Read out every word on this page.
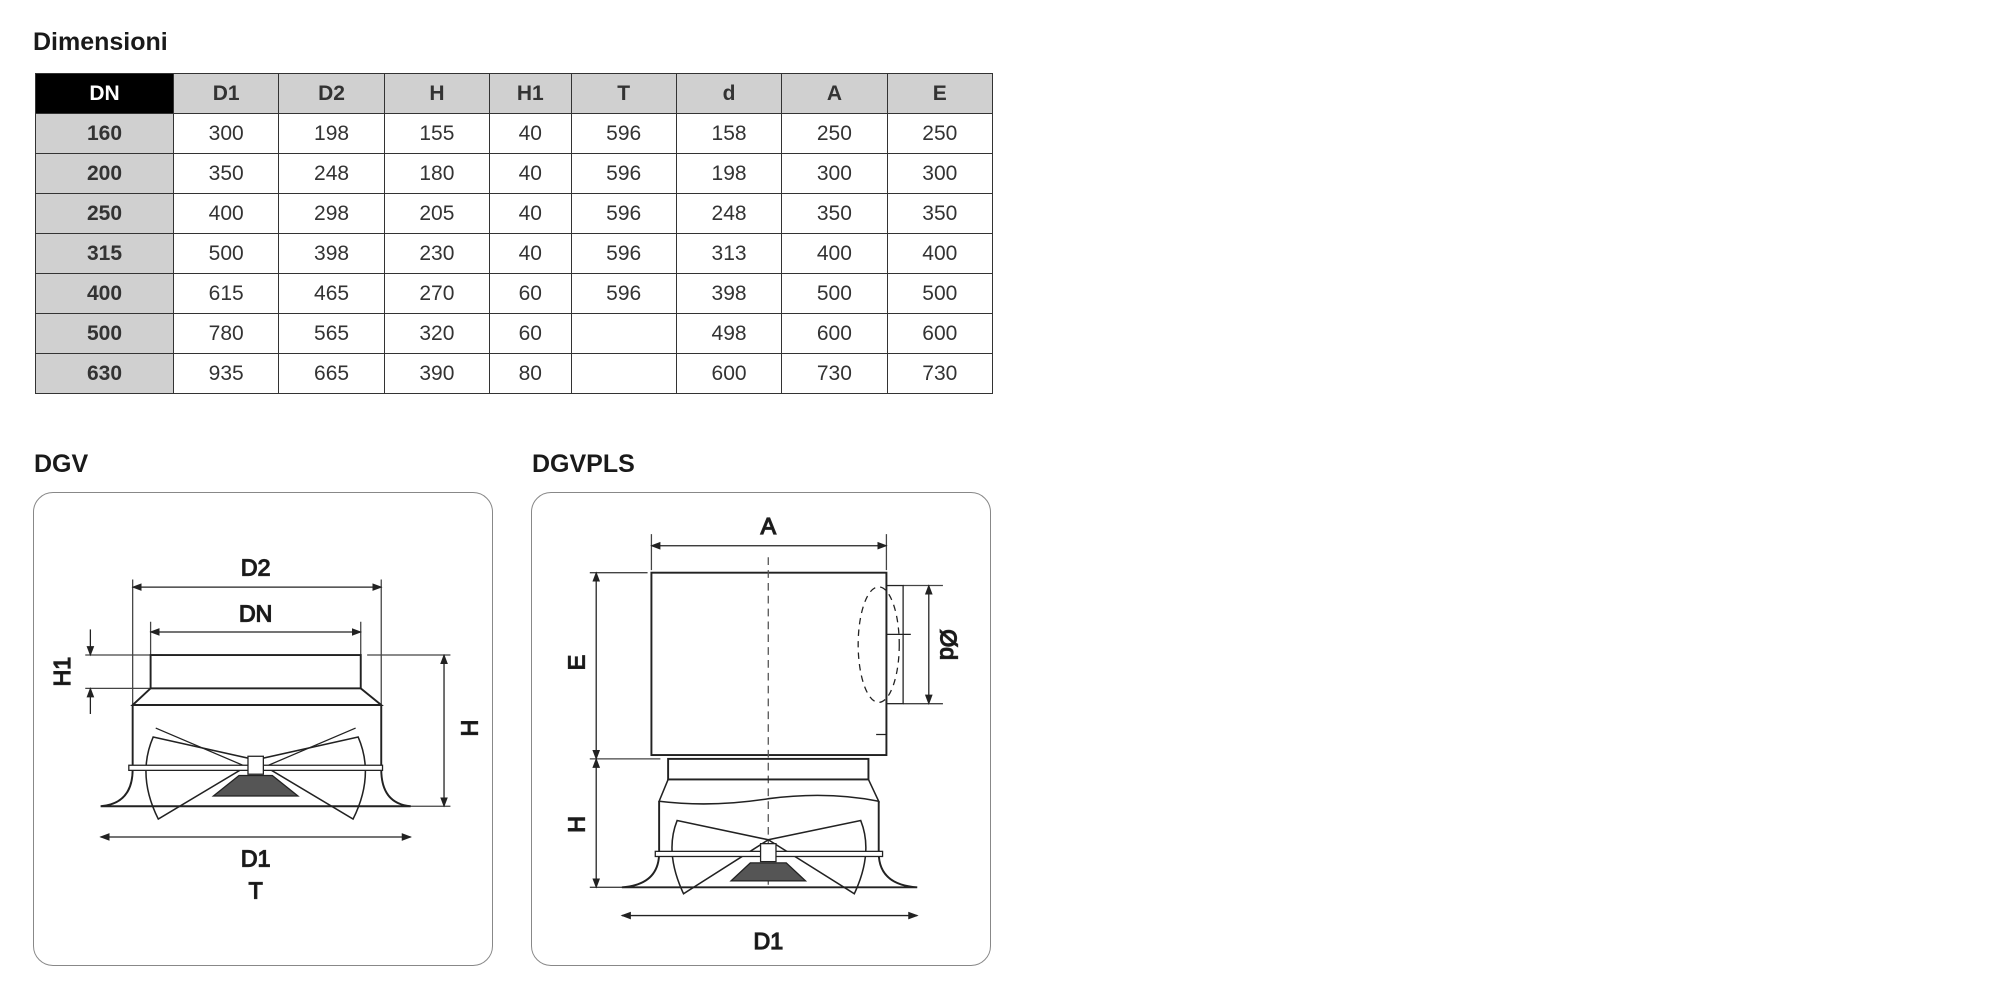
Dimensioni
DN	D1	D2	H	H1	T	d	A	E
160	300	198	155	40	596	158	250	250
200	350	248	180	40	596	198	300	300
250	400	298	205	40	596	248	350	350
315	500	398	230	40	596	313	400	400
400	615	465	270	60	596	398	500	500
500	780	565	320	60		498	600	600
630	935	665	390	80		600	730	730
DGV	DGVPLS
D2
DN
H1
H
D1
T
A
E
Ød
H
D1
